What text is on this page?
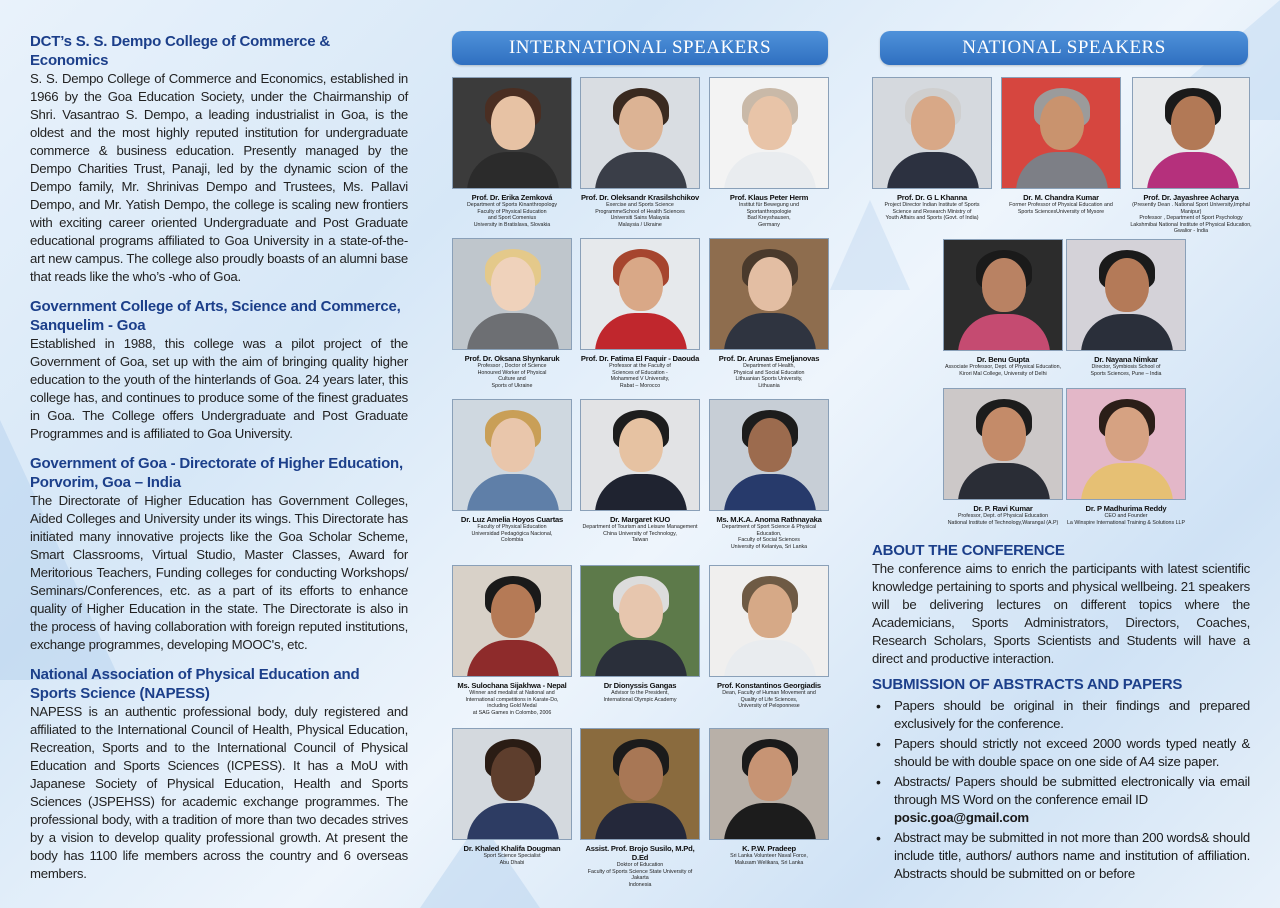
DCT’s S. S. Dempo College of Commerce & Economics
S. S. Dempo College of Commerce and Economics, established in 1966 by the Goa Education Society, under the Chairmanship of Shri. Vasantrao S. Dempo, a leading industrialist in Goa, is the oldest and the most highly reputed institution for undergraduate commerce & business education. Presently managed by the Dempo Charities Trust, Panaji, led by the dynamic scion of the Dempo family, Mr. Shrinivas Dempo and Trustees, Ms. Pallavi Dempo, and Mr. Yatish Dempo, the college is scaling new frontiers with exciting career oriented Undergraduate and Post Graduate educational programs affiliated to Goa University in a state-of-the-art new campus. The college also proudly boasts of an alumni base that reads like the who’s -who of Goa.
Government College of Arts, Science and Commerce, Sanquelim - Goa
Established in 1988, this college was a pilot project of the Government of Goa, set up with the aim of bringing quality higher education to the youth of the hinterlands of Goa. 24 years later, this college has, and continues to produce some of the finest graduates in Goa. The College offers Undergraduate and Post Graduate Programmes and is affiliated to Goa University.
Government of Goa - Directorate of Higher Education, Porvorim, Goa – India
The Directorate of Higher Education has Government Colleges, Aided Colleges and University under its wings. This Directorate has initiated many innovative projects like the Goa Scholar Scheme, Smart Classrooms, Virtual Studio, Master Classes, Award for Meritorious Teachers, Funding colleges for conducting Workshops/ Seminars/Conferences, etc. as a part of its efforts to enhance quality of Higher Education in the state. The Directorate is also in the process of having collaboration with foreign reputed institutions, exchange programmes, developing MOOC's, etc.
National Association of Physical Education and Sports Science (NAPESS)
NAPESS is an authentic professional body, duly registered and affiliated to the International Council of Health, Physical Education, Recreation, Sports and to the International Council of Physical Education and Sports Sciences (ICPESS). It has a MoU with Japanese Society of Physical Education, Health and Sports Sciences (JSPEHSS) for academic exchange programmes. The professional body, with a tradition of more than two decades strives by a vision to develop quality professional growth. At present the body has 1100 life members across the country and 6 overseas members.
INTERNATIONAL SPEAKERS	NATIONAL SPEAKERS
Prof. Dr. Erika Zemková
Department of Sports Kinanthropology
Faculty of Physical Education
and Sport Comenius
University in Bratislava, Slovakia
Prof. Dr. Oleksandr Krasilshchikov
Exercise and Sports Science
ProgrammeSchool of Health Sciences
Universiti Sains Malaysia
Malaysia / Ukraine
Prof. Klaus Peter Herm
Institut für Bewegung und
Sportanthropologie
Bad Kreyshausen,
Germany
Prof. Dr. Oksana Shynkaruk
Professor , Doctor of Science
Honoured Worker of Physical
Culture and
Sports of Ukraine
Prof. Dr. Fatima El Faquir - Daouda
Professor at the Faculty of
Sciences of Education -
Mohammed V University,
Rabat – Morocco
Prof. Dr. Arunas Emeljanovas
Department of Health,
Physical and Social Education
Lithuanian Sports University,
Lithuania
Dr. Luz Amelia Hoyos Cuartas
Faculty of Physical Education
Universidad Pedagógica Nacional,
Colombia
Dr. Margaret KUO
Department of Tourism and Leisure Management
China University of Technology,
Taiwan
Ms. M.K.A. Anoma Rathnayaka
Department of Sport Science & Physical Education,
Faculty of Social Sciences
University of Kelaniya, Sri Lanka
Ms. Sulochana Sijakhwa - Nepal
Winner and medalist at National and
International competitions in Karate-Do,
including Gold Medal
at SAG Games in Colombo, 2006
Dr Dionyssis Gangas
Advisor to the President,
International Olympic Academy
Prof. Konstantinos Georgiadis
Dean, Faculty of Human Movement and
Quality of Life Sciences,
University of Peloponnese
Dr. Khaled Khalifa Dougman
Sport Science Specialist
Abu Dhabi
Assist. Prof. Brojo Susilo, M.Pd, D.Ed
Doktor of Education
Faculty of Sports Science State University of Jakarta
Indonesia
K. P.W. Pradeep
Sri Lanka Volunteer Naval Force,
Malusam Welikara, Sri Lanka
Prof. Dr. G L Khanna
Project Director Indian Institute of Sports
Science and Research Ministry of
Youth Affairs and Sports (Govt. of India)
Dr. M. Chandra Kumar
Former Professor of Physical Education and
Sports SciencesUniversity of Mysore
Prof. Dr. Jayashree Acharya
(Presently Dean . National Sport University,Imphal Manipur)
Professor , Department of Sport Psychology
Lakshmibai National Institute of Physical Education, Gwalior - India
Dr. Benu Gupta
Associate Professor, Dept. of Physical Education,
Kirori Mal College, University of Delhi
Dr. Nayana Nimkar
Director, Symbiosis School of
Sports Sciences, Pune – India
Dr. P. Ravi Kumar
Professor, Dept. of Physical Education
National Institute of Technology,Warangal (A.P)
Dr. P Madhurima Reddy
CEO and Founder
La Winspire International Training & Solutions LLP
ABOUT THE CONFERENCE
The conference aims to enrich the participants with latest scientific knowledge pertaining to sports and physical wellbeing. 21 speakers will be delivering lectures on different topics where the Academicians, Sports Administrators, Directors, Coaches, Research Scholars, Sports Scientists and Students will have a direct and productive interaction.
SUBMISSION OF ABSTRACTS AND PAPERS
• Papers should be original in their findings and prepared exclusively for the conference.
• Papers should strictly not exceed 2000 words typed neatly & should be with double space on one side of A4 size paper.
• Abstracts/ Papers should be submitted electronically via email through MS Word on the conference email ID
posic.goa@gmail.com
• Abstract may be submitted in not more than 200 words& should include title, authors/ authors name and institution of affiliation. Abstracts should be submitted on or before
